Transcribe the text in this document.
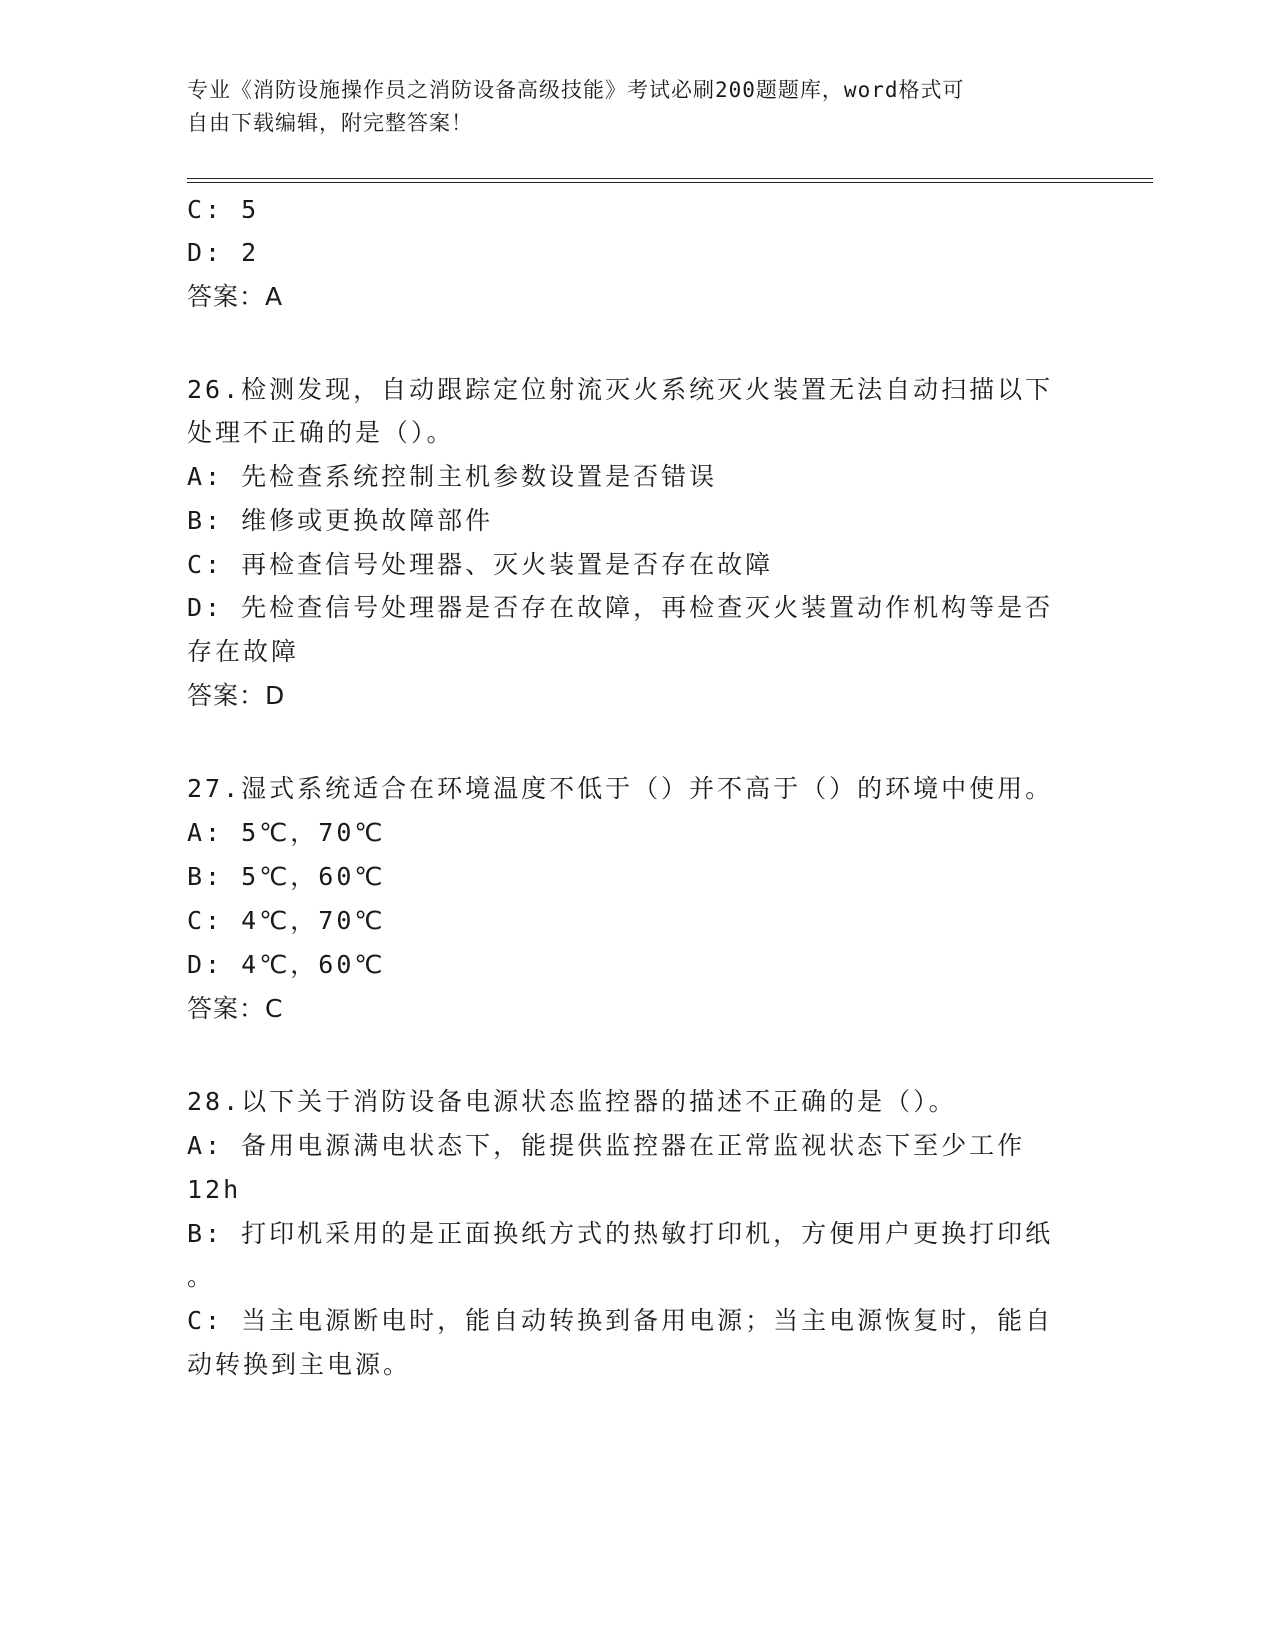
专业《消防设施操作员之消防设备高级技能》考试必刷200题题库，word格式可
自由下载编辑，附完整答案！
C: 5
D: 2
答案：A
26.检测发现，自动跟踪定位射流灭火系统灭火装置无法自动扫描以下
处理不正确的是（）。
A: 先检查系统控制主机参数设置是否错误
B: 维修或更换故障部件
C: 再检查信号处理器、灭火装置是否存在故障
D: 先检查信号处理器是否存在故障，再检查灭火装置动作机构等是否
存在故障
答案：D
27.湿式系统适合在环境温度不低于（）并不高于（）的环境中使用。
A: 5℃，70℃
B: 5℃，60℃
C: 4℃，70℃
D: 4℃，60℃
答案：C
28.以下关于消防设备电源状态监控器的描述不正确的是（）。
A: 备用电源满电状态下，能提供监控器在正常监视状态下至少工作
12h
B: 打印机采用的是正面换纸方式的热敏打印机，方便用户更换打印纸
。
C: 当主电源断电时，能自动转换到备用电源；当主电源恢复时，能自
动转换到主电源。
